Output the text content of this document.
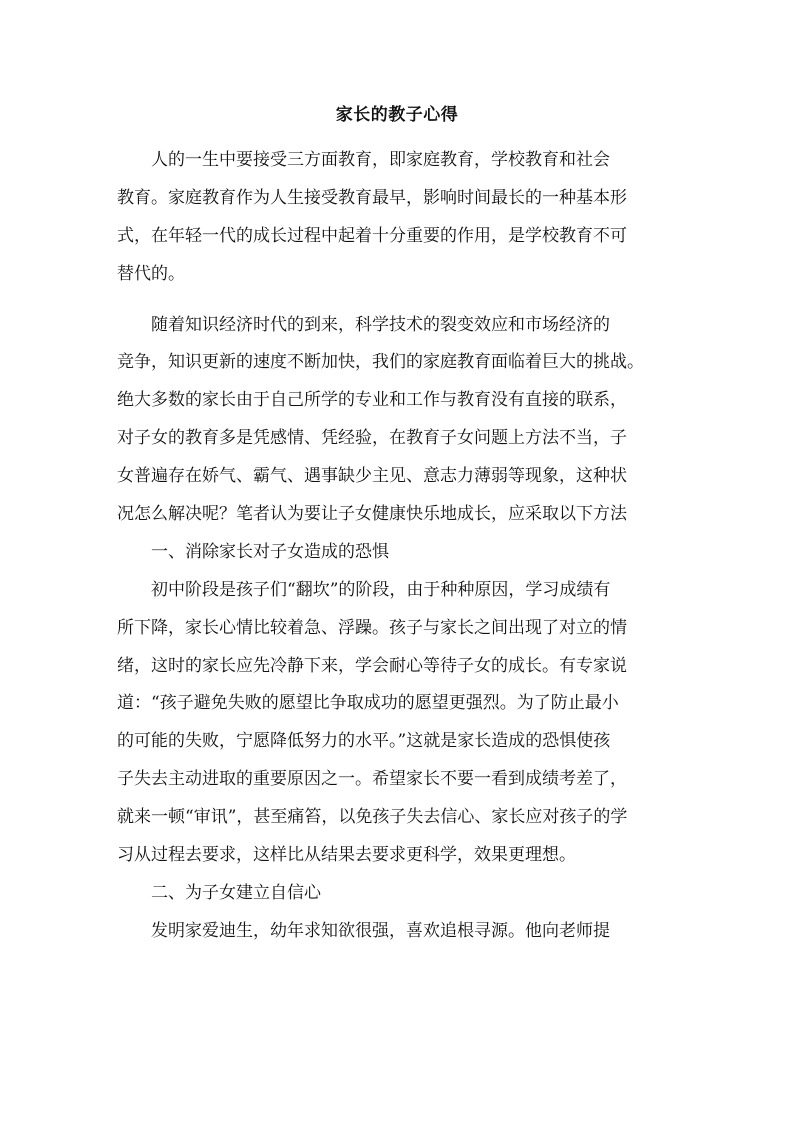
家长的教子心得
人的一生中要接受三方面教育，即家庭教育，学校教育和社会
教育。家庭教育作为人生接受教育最早，影响时间最长的一种基本形
式，在年轻一代的成长过程中起着十分重要的作用，是学校教育不可
替代的。
随着知识经济时代的到来，科学技术的裂变效应和市场经济的
竞争，知识更新的速度不断加快，我们的家庭教育面临着巨大的挑战。
绝大多数的家长由于自己所学的专业和工作与教育没有直接的联系，
对子女的教育多是凭感情、凭经验，在教育子女问题上方法不当，子
女普遍存在娇气、霸气、遇事缺少主见、意志力薄弱等现象，这种状
况怎么解决呢？笔者认为要让子女健康快乐地成长，应采取以下方法
一、消除家长对子女造成的恐惧
初中阶段是孩子们“翻坎”的阶段，由于种种原因，学习成绩有
所下降，家长心情比较着急、浮躁。孩子与家长之间出现了对立的情
绪，这时的家长应先冷静下来，学会耐心等待子女的成长。有专家说
道：“孩子避免失败的愿望比争取成功的愿望更强烈。为了防止最小
的可能的失败，宁愿降低努力的水平。”这就是家长造成的恐惧使孩
子失去主动进取的重要原因之一。希望家长不要一看到成绩考差了，
就来一顿“审讯”，甚至痛笞，以免孩子失去信心、家长应对孩子的学
习从过程去要求，这样比从结果去要求更科学，效果更理想。
二、为子女建立自信心
发明家爱迪生，幼年求知欲很强，喜欢追根寻源。他向老师提
